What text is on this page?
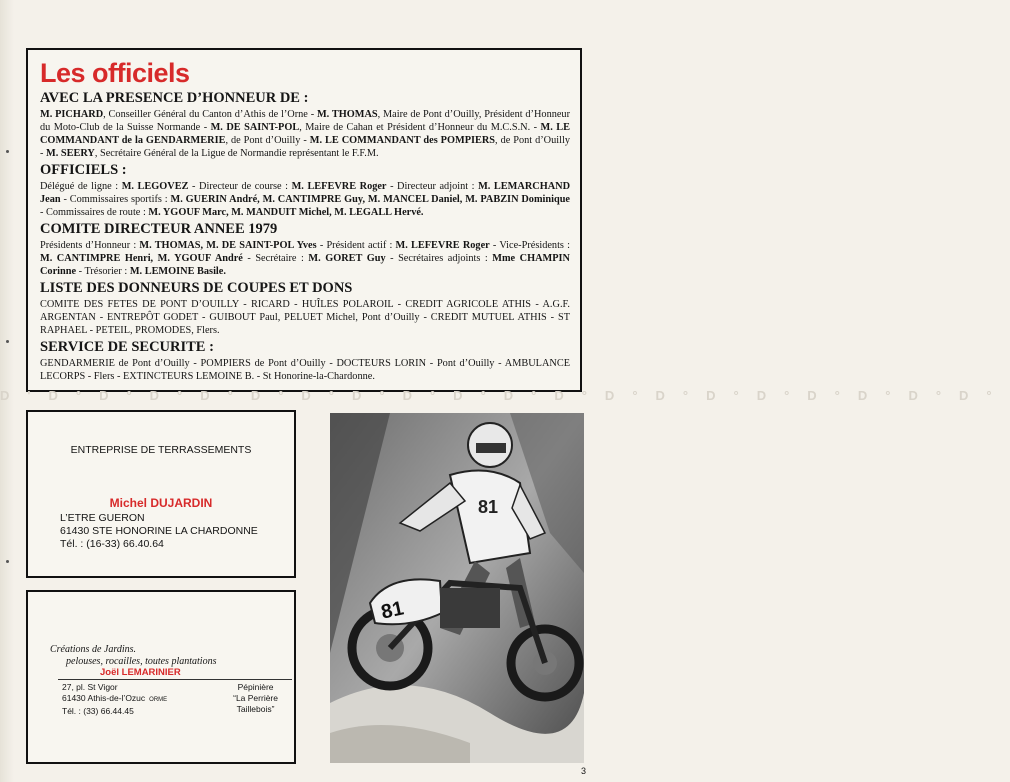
Les officiels
AVEC LA PRESENCE D’HONNEUR DE :

M. PICHARD, Conseiller Général du Canton d’Athis de l’Orne - M. THOMAS, Maire de Pont d’Ouilly, Président d’Honneur du Moto-Club de la Suisse Normande - M. DE SAINT-POL, Maire de Cahan et Président d’Honneur du M.C.S.N. - M. LE COMMANDANT de la GENDARMERIE, de Pont d’Ouilly - M. LE COMMANDANT des POMPIERS, de Pont d’Ouilly - M. SEERY, Secrétaire Général de la Ligue de Normandie représentant le F.F.M.

OFFICIELS :

Délégué de ligne : M. LEGOVEZ - Directeur de course : M. LEFEVRE Roger - Directeur adjoint : M. LEMARCHAND Jean - Commissaires sportifs : M. GUERIN André, M. CANTIMPRE Guy, M. MANCEL Daniel, M. PABZIN Dominique - Commissaires de route : M. YGOUF Marc, M. MANDUIT Michel, M. LEGALL Hervé.

COMITE DIRECTEUR ANNEE 1979

Présidents d’Honneur : M. THOMAS, M. DE SAINT-POL Yves - Président actif : M. LEFEVRE Roger - Vice-Présidents : M. CANTIMPRE Henri, M. YGOUF André - Secrétaire : M. GORET Guy - Secrétaires adjoints : Mme CHAMPIN Corinne - Trésorier : M. LEMOINE Basile.

LISTE DES DONNEURS DE COUPES ET DONS

COMITE DES FETES DE PONT D’OUILLY - RICARD - HUÎLES POLAROIL - CREDIT AGRICOLE ATHIS - A.G.F. ARGENTAN - ENTREPÔT GODET - GUIBOUT Paul, PELUET Michel, Pont d’Ouilly - CREDIT MUTUEL ATHIS - ST RAPHAEL - PETEIL, PROMODES, Flers.

SERVICE DE SECURITE :

GENDARMERIE de Pont d’Ouilly - POMPIERS de Pont d’Ouilly - DOCTEURS LORIN - Pont d’Ouilly - AMBULANCE LECORPS - Flers - EXTINCTEURS LEMOINE B. - St Honorine-la-Chardonne.

D'D°D°D°D°D°D°D°D°D°D°D°D°D°D°D°D°D°D°D°
ENTREPRISE DE TERRASSEMENTS
Michel DUJARDIN
L’ETRE GUERON
61430 STE HONORINE LA CHARDONNE
Tél. : (16-33) 66.40.64
Créations de Jardins.
pelouses, rocailles, toutes plantations
Joël LEMARINIER
27, pl. St Vigor
61430 Athis-de-l’Ozuc ORME
Tél. : (33) 66.44.45
Pépinière
“La Perrière
Taillebois”
81
81
3
